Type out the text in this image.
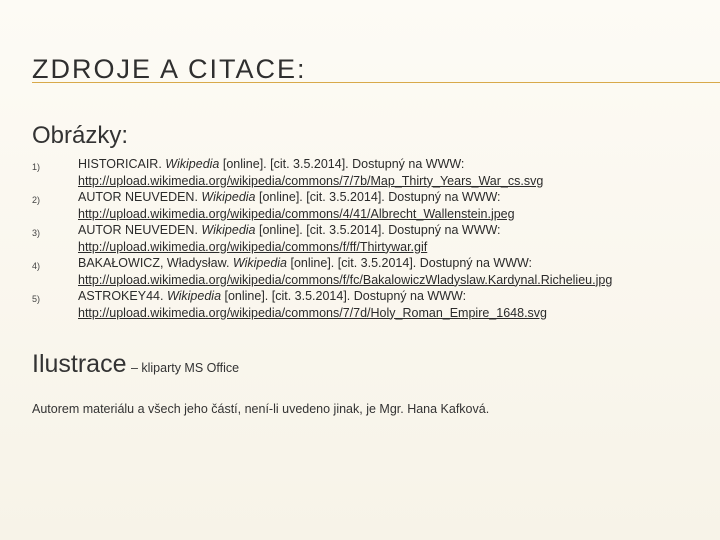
ZDROJE A CITACE:
Obrázky:
1)	HISTORICAIR. Wikipedia [online]. [cit. 3.5.2014]. Dostupný na WWW:
http://upload.wikimedia.org/wikipedia/commons/7/7b/Map_Thirty_Years_War_cs.svg
2)	AUTOR NEUVEDEN. Wikipedia [online]. [cit. 3.5.2014]. Dostupný na WWW:
http://upload.wikimedia.org/wikipedia/commons/4/41/Albrecht_Wallenstein.jpeg
3)	AUTOR NEUVEDEN. Wikipedia [online]. [cit. 3.5.2014]. Dostupný na WWW:
http://upload.wikimedia.org/wikipedia/commons/f/ff/Thirtywar.gif
4)	BAKAŁOWICZ, Władysław. Wikipedia [online]. [cit. 3.5.2014]. Dostupný na WWW:
http://upload.wikimedia.org/wikipedia/commons/f/fc/BakalowiczWladyslaw.Kardynal.Richelieu.jpg
5)	ASTROKEY44. Wikipedia [online]. [cit. 3.5.2014]. Dostupný na WWW:
http://upload.wikimedia.org/wikipedia/commons/7/7d/Holy_Roman_Empire_1648.svg
Ilustrace – kliparty MS Office
Autorem materiálu a všech jeho částí, není-li uvedeno jinak, je Mgr. Hana Kafková.
